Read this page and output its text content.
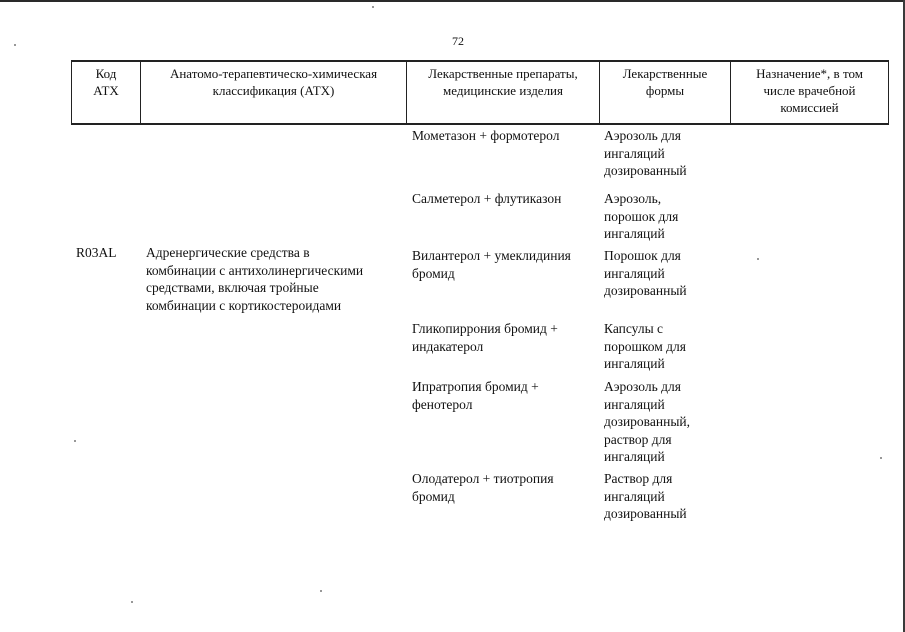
72
Код
АТХ
Анатомо-терапевтическо-химическая
классификация (АТХ)
Лекарственные препараты,
медицинские изделия
Лекарственные
формы
Назначение*, в том
числе врачебной
комиссией
R03AL Адренергические средства в
комбинации с антихолинергическими
средствами, включая тройные
комбинации с кортикостероидами
Мометазон + формотерол	Аэрозоль для
ингаляций
дозированный
Салметерол + флутиказон	Аэрозоль,
порошок для
ингаляций
Вилантерол + умеклидиния
бромид
Порошок для
ингаляций
дозированный
Гликопиррония бромид +
индакатерол
Капсулы с
порошком для
ингаляций
Ипратропия бромид +
фенотерол
Аэрозоль для
ингаляций
дозированный,
раствор для
ингаляций
Олодатерол + тиотропия
бромид
Раствор для
ингаляций
дозированный
